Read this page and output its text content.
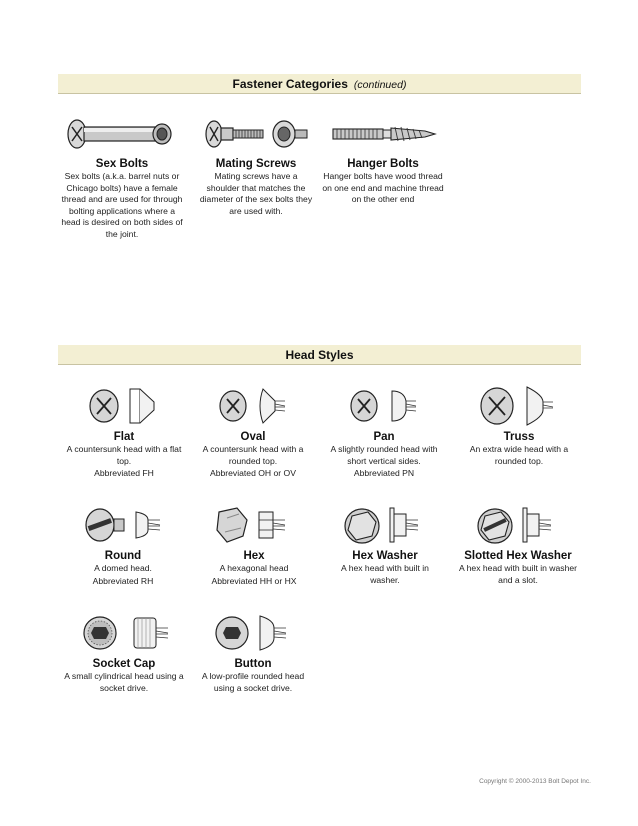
Fastener Categories (continued)
Sex Bolts
Sex bolts (a.k.a. barrel nuts or Chicago bolts) have a female thread and are used for through bolting applications where a head is desired on both sides of the joint.
Mating Screws
Mating screws have a shoulder that matches the diameter of the sex bolts they are used with.
Hanger Bolts
Hanger bolts have wood thread on one end and machine thread on the other end
Head Styles
Flat
A countersunk head with a flat top.
Abbreviated FH
Oval
A countersunk head with a rounded top.
Abbreviated OH or OV
Pan
A slightly rounded head with short vertical sides.
Abbreviated PN
Truss
An extra wide head with a rounded top.
Round
A domed head.
Abbreviated RH
Hex
A hexagonal head
Abbreviated HH or HX
Hex Washer
A hex head with built in washer.
Slotted Hex Washer
A hex head with built in washer and a slot.
Socket Cap
A small cylindrical head using a socket drive.
Button
A low-profile rounded head using a socket drive.
Copyright © 2000-2013 Bolt Depot Inc.
